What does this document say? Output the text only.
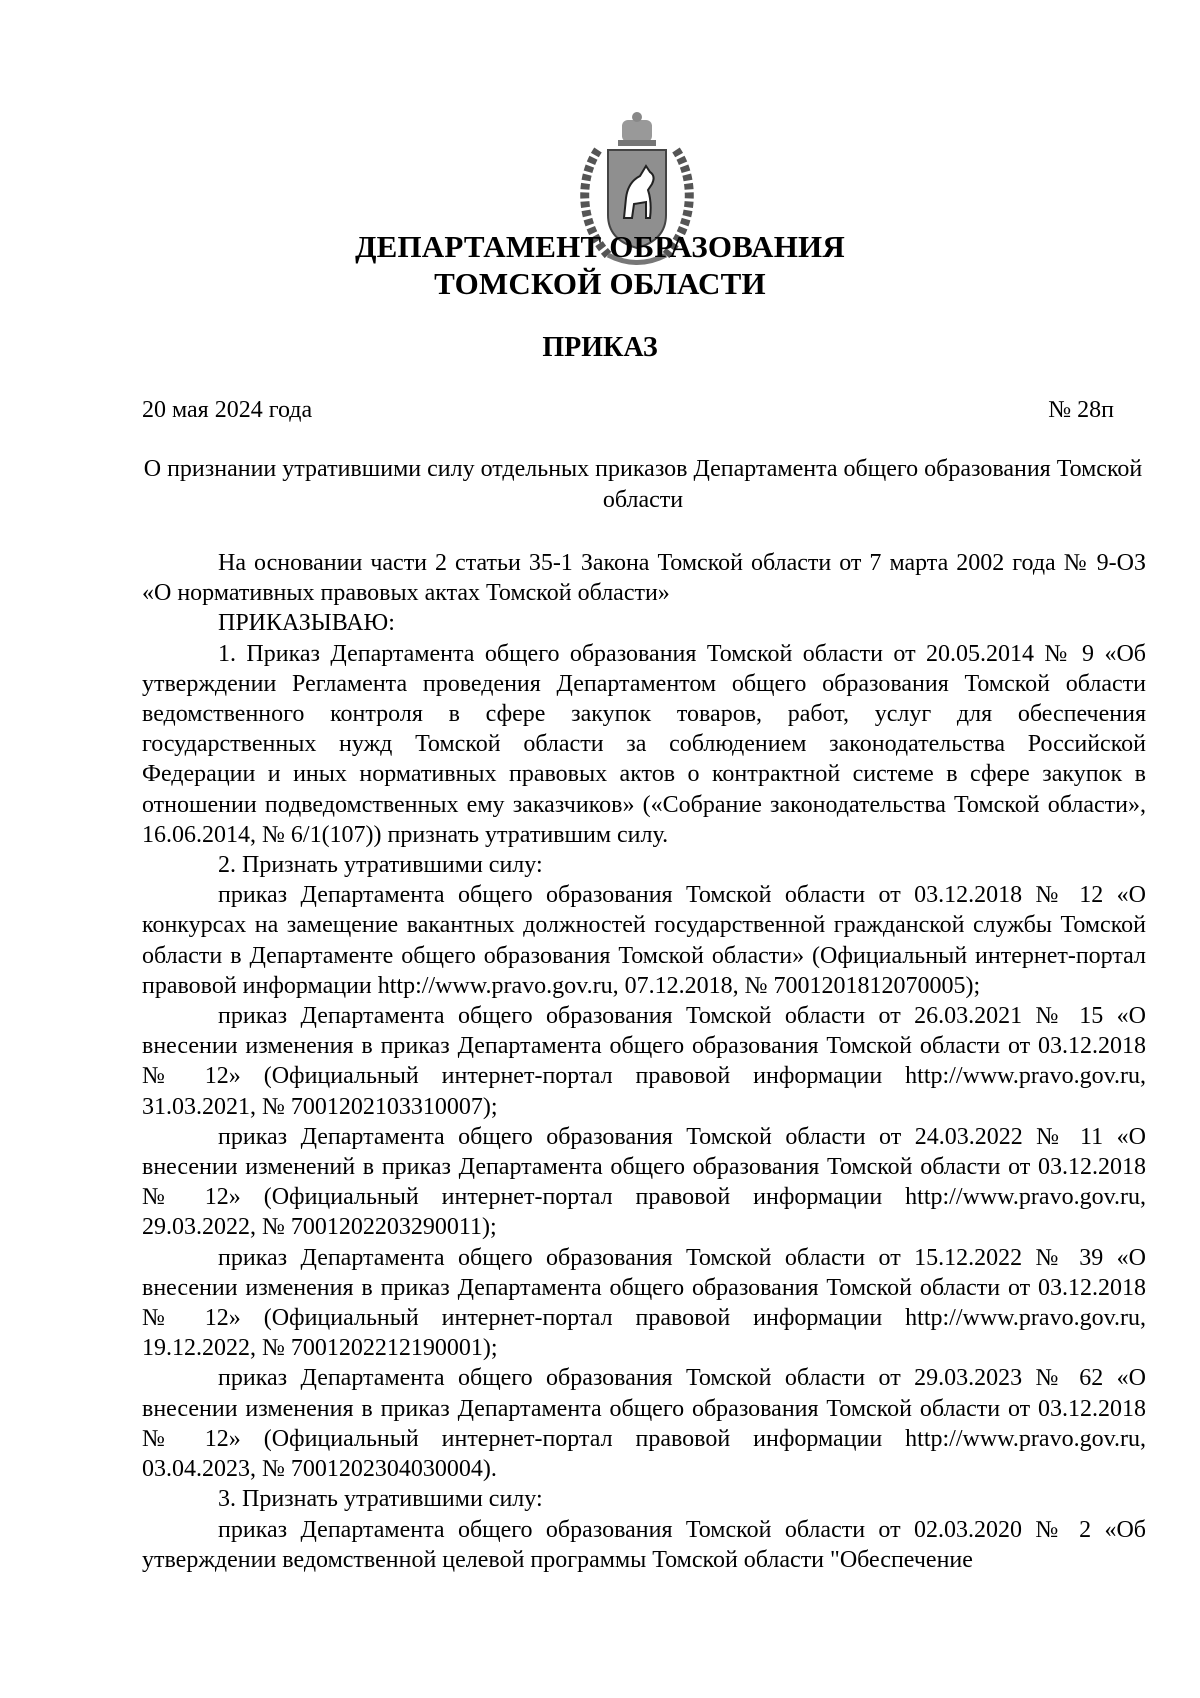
ДЕПАРТАМЕНТ ОБРАЗОВАНИЯ
ТОМСКОЙ ОБЛАСТИ
ПРИКАЗ
20 мая 2024 года	№ 28п
О признании утратившими силу отдельных приказов Департамента общего образования Томской области

На основании части 2 статьи 35-1 Закона Томской области от 7 марта 2002 года № 9-ОЗ «О нормативных правовых актах Томской области»

ПРИКАЗЫВАЮ:

1. Приказ Департамента общего образования Томской области от 20.05.2014 № 9 «Об утверждении Регламента проведения Департаментом общего образования Томской области ведомственного контроля в сфере закупок товаров, работ, услуг для обеспечения государственных нужд Томской области за соблюдением законодательства Российской Федерации и иных нормативных правовых актов о контрактной системе в сфере закупок в отношении подведомственных ему заказчиков» («Собрание законодательства Томской области», 16.06.2014, № 6/1(107)) признать утратившим силу.

2. Признать утратившими силу:

приказ Департамента общего образования Томской области от 03.12.2018 № 12 «О конкурсах на замещение вакантных должностей государственной гражданской службы Томской области в Департаменте общего образования Томской области» (Официальный интернет-портал правовой информации http://www.pravo.gov.ru, 07.12.2018, № 7001201812070005);

приказ Департамента общего образования Томской области от 26.03.2021 № 15 «О внесении изменения в приказ Департамента общего образования Томской области от 03.12.2018 № 12» (Официальный интернет-портал правовой информации http://www.pravo.gov.ru, 31.03.2021, № 7001202103310007);

приказ Департамента общего образования Томской области от 24.03.2022 № 11 «О внесении изменений в приказ Департамента общего образования Томской области от 03.12.2018 № 12» (Официальный интернет-портал правовой информации http://www.pravo.gov.ru, 29.03.2022, № 7001202203290011);

приказ Департамента общего образования Томской области от 15.12.2022 № 39 «О внесении изменения в приказ Департамента общего образования Томской области от 03.12.2018 № 12» (Официальный интернет-портал правовой информации http://www.pravo.gov.ru, 19.12.2022, № 7001202212190001);

приказ Департамента общего образования Томской области от 29.03.2023 № 62 «О внесении изменения в приказ Департамента общего образования Томской области от 03.12.2018 № 12» (Официальный интернет-портал правовой информации http://www.pravo.gov.ru, 03.04.2023, № 7001202304030004).

3. Признать утратившими силу:

приказ Департамента общего образования Томской области от 02.03.2020 № 2 «Об утверждении ведомственной целевой программы Томской области "Обеспечение
